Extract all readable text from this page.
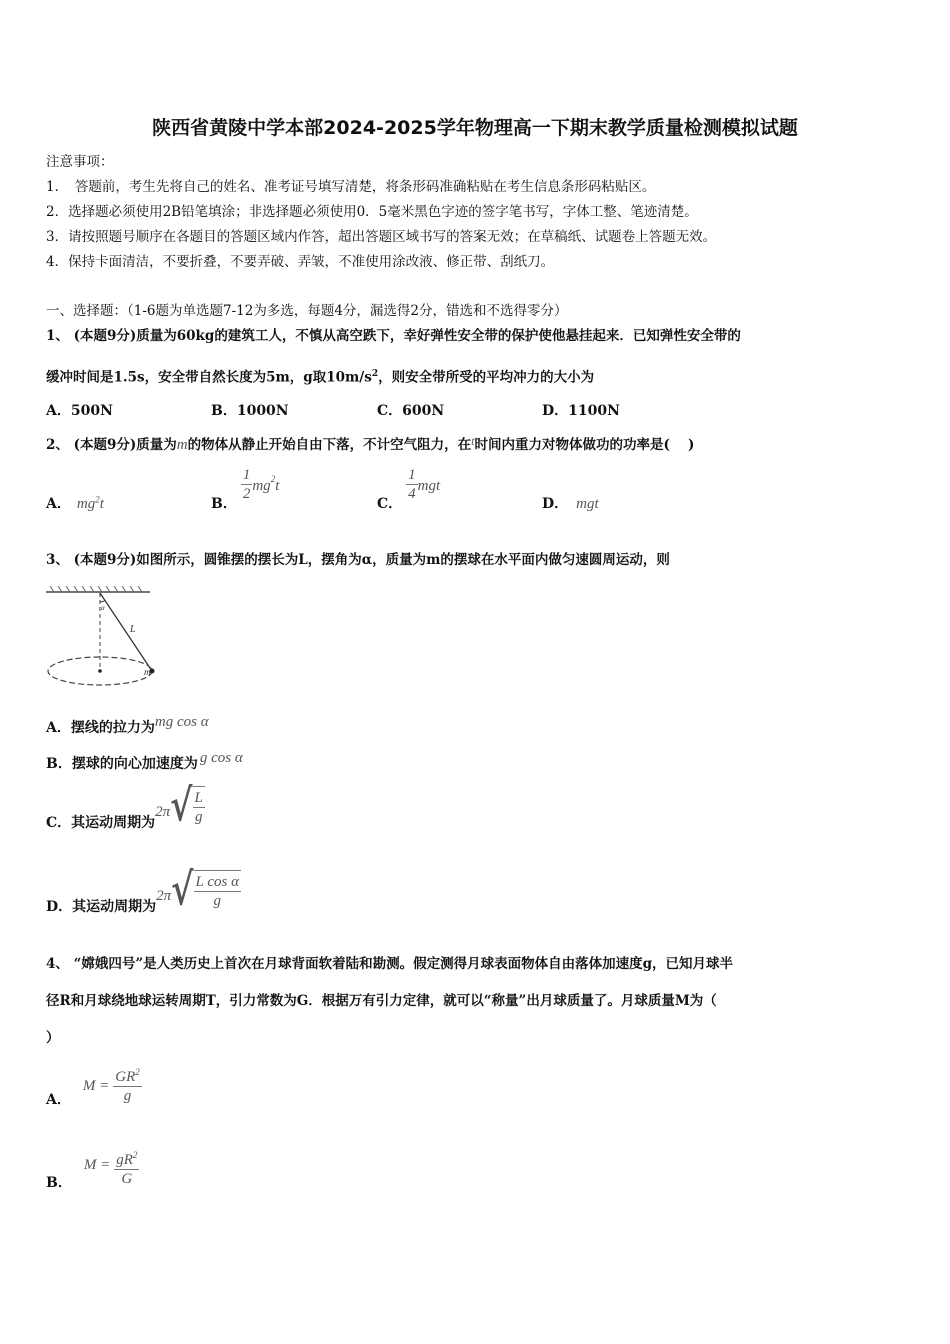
陕西省黄陵中学本部2024-2025学年物理高一下期末教学质量检测模拟试题
注意事项：
1．　答题前，考生先将自己的姓名、准考证号填写清楚，将条形码准确粘贴在考生信息条形码粘贴区。
2．选择题必须使用2B铅笔填涂；非选择题必须使用0．5毫米黑色字迹的签字笔书写，字体工整、笔迹清楚。
3．请按照题号顺序在各题目的答题区域内作答，超出答题区域书写的答案无效；在草稿纸、试题卷上答题无效。
4．保持卡面清洁，不要折叠，不要弄破、弄皱，不准使用涂改液、修正带、刮纸刀。
一、选择题：（1-6题为单选题7-12为多选，每题4分，漏选得2分，错选和不选得零分）
1、 (本题9分)质量为60kg的建筑工人，不慎从高空跌下，幸好弹性安全带的保护使他悬挂起来．已知弹性安全带的
缓冲时间是1.5s，安全带自然长度为5m，g取$10m/s^2$，则安全带所受的平均冲力的大小为
A．500N	B．1000N	C．600N	D．1100N
2、 (本题9分)质量为m的物体从静止开始自由下落，不计空气阻力，在t时间内重力对物体做功的功率是(　 )
A． $mg^2t$	B．
$\frac{1}{2} mg^2t$
C．
$\frac{1}{4}$ mgt
D． mgt
3、 (本题9分)如图所示，圆锥摆的摆长为L，摆角为α，质量为m的摆球在水平面内做匀速圆周运动，则
α
L
m
A．摆线的拉力为mg cos α
B．摆球的向心加速度为 g cos α
C．其运动周期为2π √ $\frac{L}{g}$
D．其运动周期为2π √ $\frac{\text{L cos α}}{g}$
4、 “嫦娥四号”是人类历史上首次在月球背面软着陆和勘测。假定测得月球表面物体自由落体加速度g，已知月球半
径R和月球绕地球运转周期T，引力常数为G．根据万有引力定律，就可以“称量”出月球质量了。月球质量M为（
）
A．$M = \frac{GR^2}{g}$
B．$M = \frac{gR^2}{G}$
